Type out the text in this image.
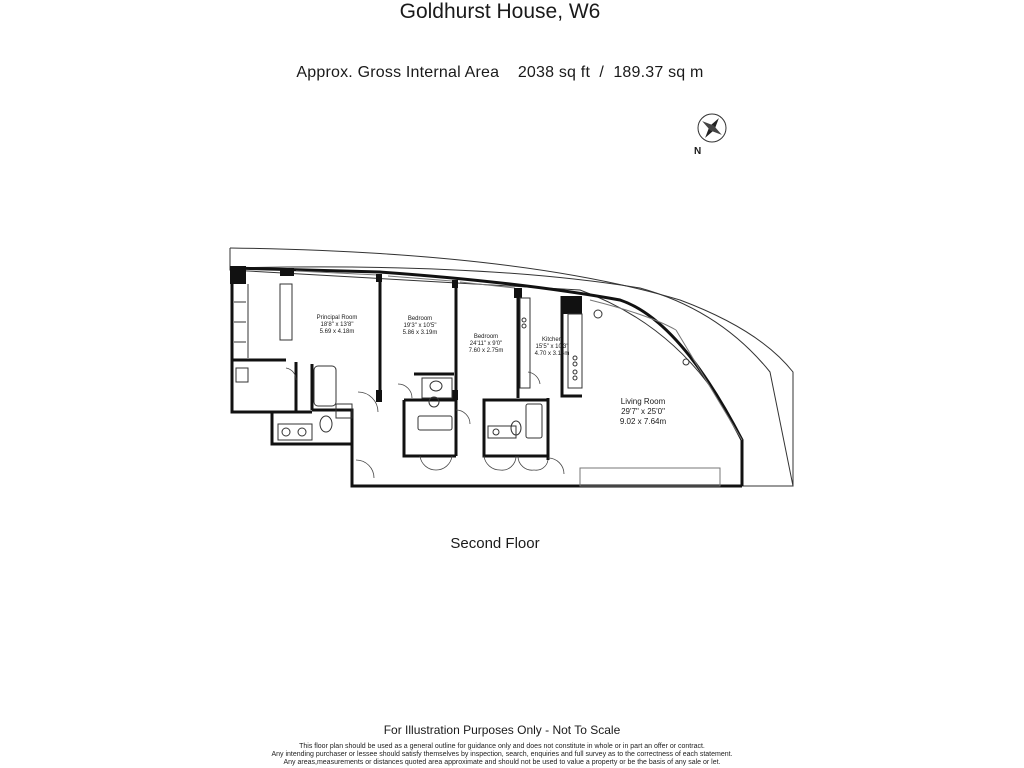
Goldhurst House, W6
Approx. Gross Internal Area    2038 sq ft  /  189.37 sq m
N
Principal Room
18'8" x 13'8"
5.69 x 4.18m
Bedroom
19'3" x 10'5"
5.86 x 3.19m
Bedroom
24'11" x 9'0"
7.60 x 2.75m
Kitchen
15'5" x 10'3"
4.70 x 3.14m
Living Room
29'7" x 25'0"
9.02 x 7.64m
Second Floor
For Illustration Purposes Only - Not To Scale
This floor plan should be used as a general outline for guidance only and does not constitute in whole or in part an offer or contract.
Any intending purchaser or lessee should satisfy themselves by inspection, search, enquiries and full survey as to the correctness of each statement.
Any areas,measurements or distances quoted area approximate and should not be used to value a property or be the basis of any sale or let.
